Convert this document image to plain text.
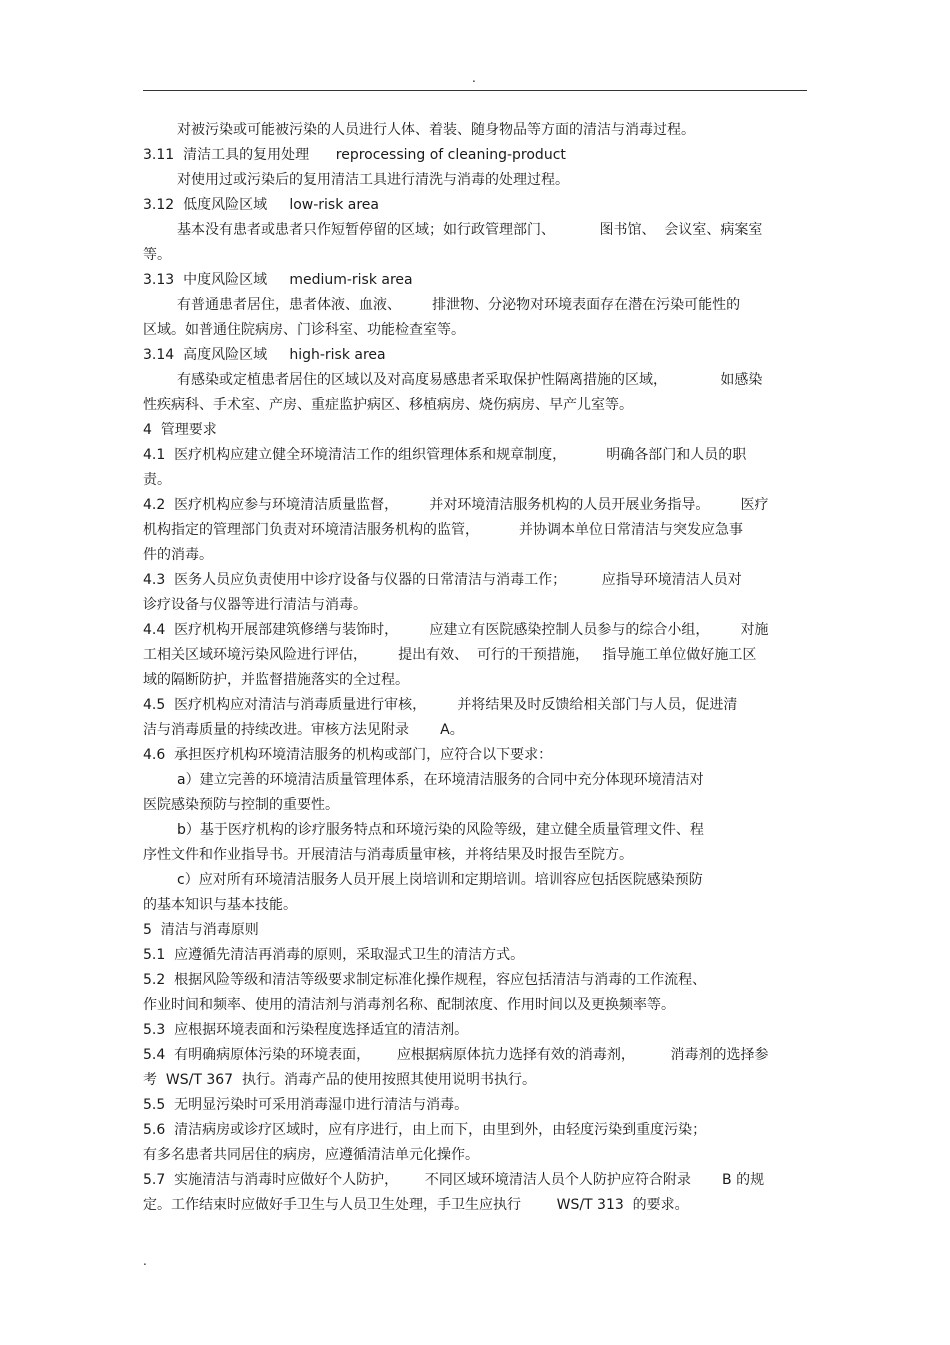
.
对被污染或可能被污染的人员进行人体、着装、随身物品等方面的清洁与消毒过程。
3.11  清洁工具的复用处理      reprocessing of cleaning-product
对使用过或污染后的复用清洁工具进行清洗与消毒的处理过程。
3.12  低度风险区域     low-risk area
基本没有患者或患者只作短暂停留的区域；如行政管理部门、          图书馆、  会议室、病案室
等。
3.13  中度风险区域     medium-risk area
有普通患者居住，患者体液、血液、       排泄物、分泌物对环境表面存在潜在污染可能性的
区域。如普通住院病房、门诊科室、功能检查室等。
3.14  高度风险区域     high-risk area
有感染或定植患者居住的区域以及对高度易感患者采取保护性隔离措施的区域，            如感染
性疾病科、手术室、产房、重症监护病区、移植病房、烧伤病房、早产儿室等。
4  管理要求
4.1  医疗机构应建立健全环境清洁工作的组织管理体系和规章制度，         明确各部门和人员的职
责。
4.2  医疗机构应参与环境清洁质量监督，       并对环境清洁服务机构的人员开展业务指导。       医疗
机构指定的管理部门负责对环境清洁服务机构的监管，         并协调本单位日常清洁与突发应急事
件的消毒。
4.3  医务人员应负责使用中诊疗设备与仪器的日常清洁与消毒工作；        应指导环境清洁人员对
诊疗设备与仪器等进行清洁与消毒。
4.4  医疗机构开展部建筑修缮与装饰时，       应建立有医院感染控制人员参与的综合小组，       对施
工相关区域环境污染风险进行评估，       提出有效、  可行的干预措施，   指导施工单位做好施工区
域的隔断防护，并监督措施落实的全过程。
4.5  医疗机构应对清洁与消毒质量进行审核，       并将结果及时反馈给相关部门与人员，促进清
洁与消毒质量的持续改进。审核方法见附录       A。
4.6  承担医疗机构环境清洁服务的机构或部门，应符合以下要求：
a）建立完善的环境清洁质量管理体系，在环境清洁服务的合同中充分体现环境清洁对
医院感染预防与控制的重要性。
b）基于医疗机构的诊疗服务特点和环境污染的风险等级，建立健全质量管理文件、程
序性文件和作业指导书。开展清洁与消毒质量审核，并将结果及时报告至院方。
c）应对所有环境清洁服务人员开展上岗培训和定期培训。培训容应包括医院感染预防
的基本知识与基本技能。
5  清洁与消毒原则
5.1  应遵循先清洁再消毒的原则，采取湿式卫生的清洁方式。
5.2  根据风险等级和清洁等级要求制定标准化操作规程，容应包括清洁与消毒的工作流程、
作业时间和频率、使用的清洁剂与消毒剂名称、配制浓度、作用时间以及更换频率等。
5.3  应根据环境表面和污染程度选择适宜的清洁剂。
5.4  有明确病原体污染的环境表面，      应根据病原体抗力选择有效的消毒剂，        消毒剂的选择参
考  WS/T 367  执行。消毒产品的使用按照其使用说明书执行。
5.5  无明显污染时可采用消毒湿巾进行清洁与消毒。
5.6  清洁病房或诊疗区域时，应有序进行，由上而下，由里到外，由轻度污染到重度污染；
有多名患者共同居住的病房，应遵循清洁单元化操作。
5.7  实施清洁与消毒时应做好个人防护，      不同区域环境清洁人员个人防护应符合附录       B 的规
定。工作结束时应做好手卫生与人员卫生处理，手卫生应执行        WS/T 313  的要求。
.
